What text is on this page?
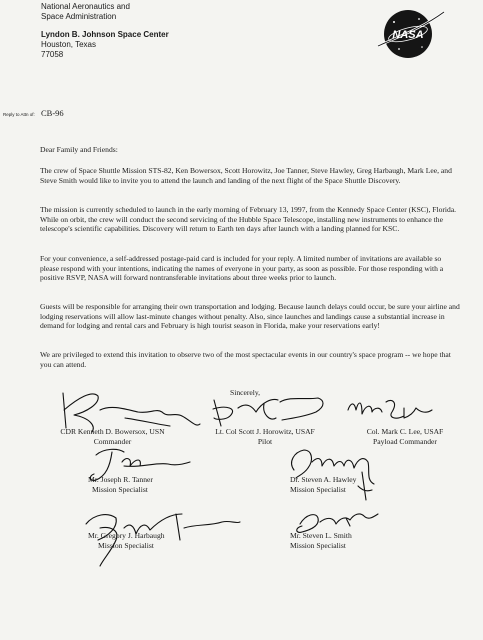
National Aeronautics and
Space Administration
Lyndon B. Johnson Space Center
Houston, Texas
77058
NASA
Reply to Attn of: CB-96

Dear Family and Friends:

The crew of Space Shuttle Mission STS-82, Ken Bowersox, Scott Horowitz, Joe Tanner, Steve Hawley, Greg Harbaugh, Mark Lee, and Steve Smith would like to invite you to attend the launch and landing of the next flight of the Space Shuttle Discovery.

The mission is currently scheduled to launch in the early morning of February 13, 1997, from the Kennedy Space Center (KSC), Florida. While on orbit, the crew will conduct the second servicing of the Hubble Space Telescope, installing new instruments to enhance the telescope's scientific capabilities. Discovery will return to Earth ten days after launch with a landing planned for KSC.

For your convenience, a self-addressed postage-paid card is included for your reply. A limited number of invitations are available so please respond with your intentions, indicating the names of everyone in your party, as soon as possible. For those responding with a positive RSVP, NASA will forward nontransferable invitations about three weeks prior to launch.

Guests will be responsible for arranging their own transportation and lodging. Because launch delays could occur, be sure your airline and lodging reservations will allow last-minute changes without penalty. Also, since launches and landings cause a substantial increase in demand for lodging and rental cars and February is high tourist season in Florida, make your reservations early!

We are privileged to extend this invitation to observe two of the most spectacular events in our country's space program -- we hope that you can attend.

Sincerely,
CDR Kenneth D. Bowersox, USN
Commander
Lt. Col Scott J. Horowitz, USAF
Pilot
Col. Mark C. Lee, USAF
Payload Commander
Mr. Joseph R. Tanner
Mission Specialist
Dr. Steven A. Hawley
Mission Specialist
Mr. Gregory J. Harbaugh
Mission Specialist
Mr. Steven L. Smith
Mission Specialist
